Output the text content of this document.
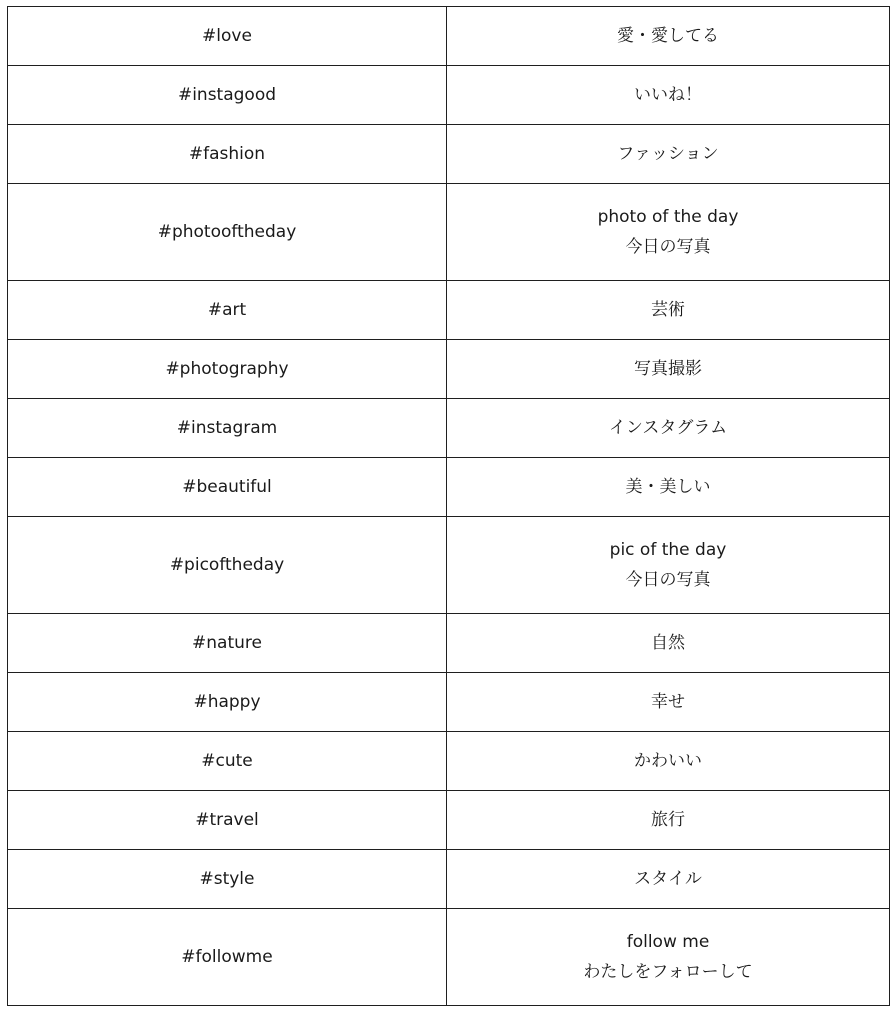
#love	愛・愛してる

#instagood	いいね！

#fashion	ファッション

#photooftheday	photo of the day
今日の写真

#art	芸術

#photography	写真撮影

#instagram	インスタグラム

#beautiful	美・美しい

#picoftheday	pic of the day
今日の写真

#nature	自然

#happy	幸せ

#cute	かわいい

#travel	旅行

#style	スタイル

#followme	follow me
わたしをフォローして
